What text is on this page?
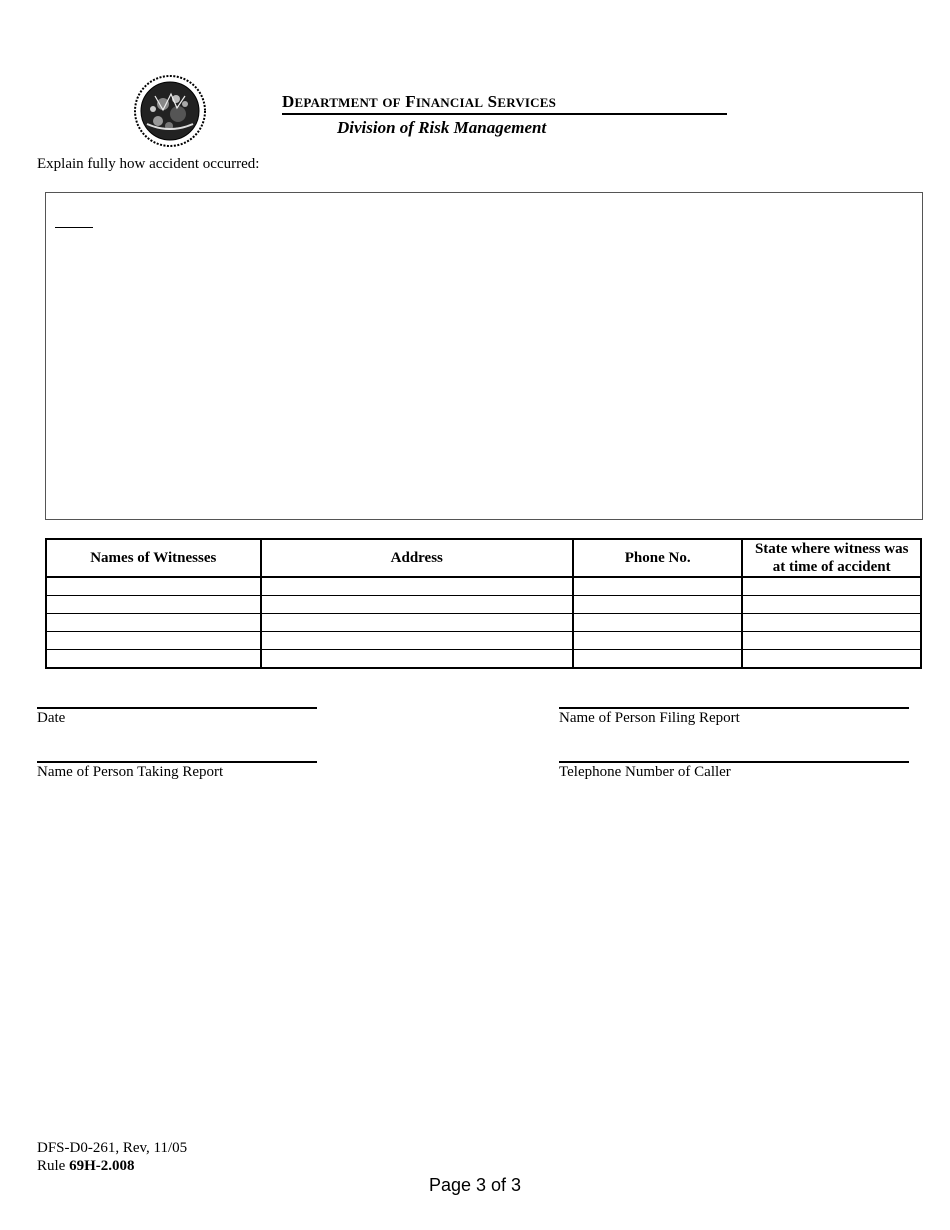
DEPARTMENT OF FINANCIAL SERVICES
Division of Risk Management
Explain fully how accident occurred:
Names of Witnesses	Address	Phone No.	State where witness was at time of accident

Date	Name of Person Filing Report
Name of Person Taking Report	Telephone Number of Caller
DFS-D0-261, Rev, 11/05
Rule 69H-2.008
Page 3 of 3
